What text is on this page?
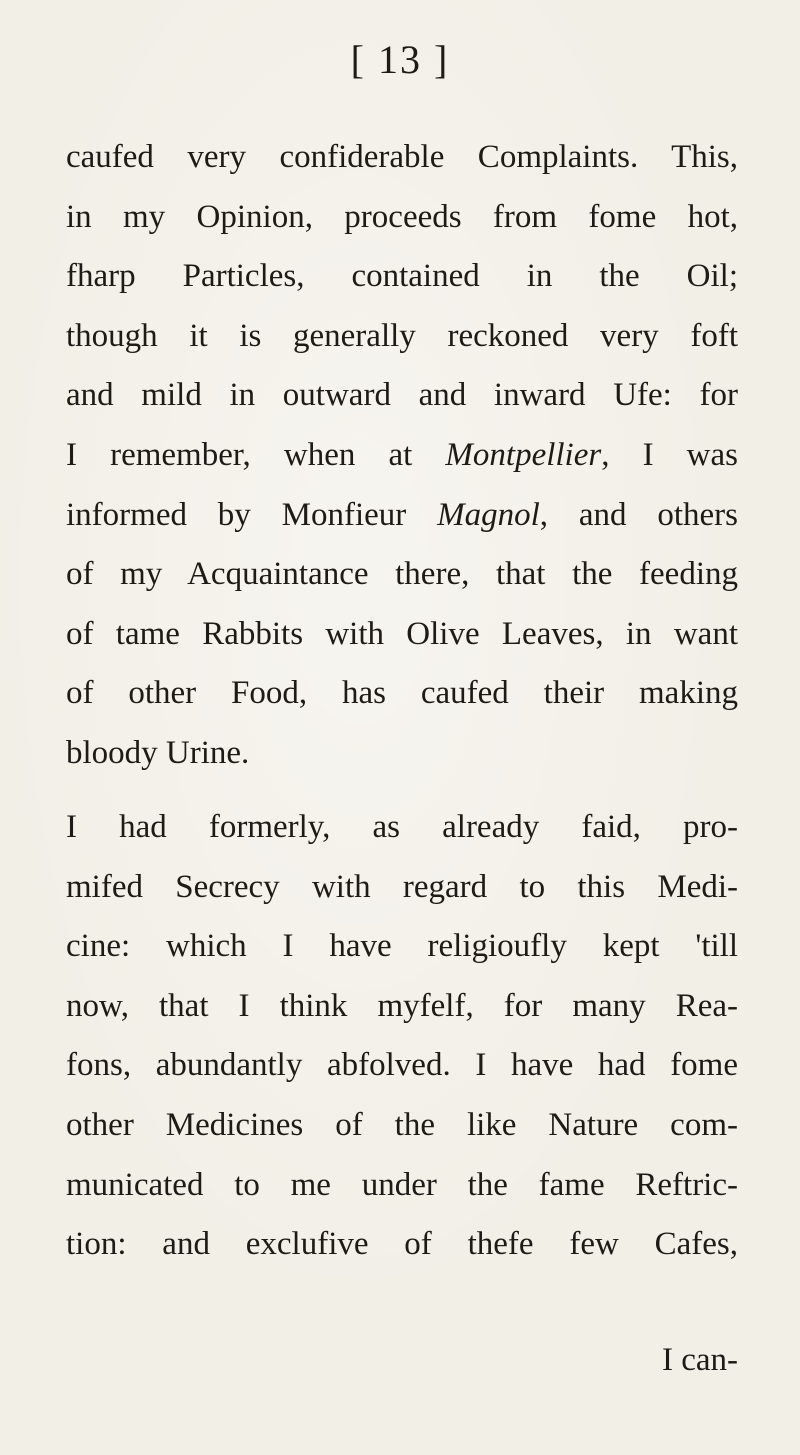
[ 13 ]
caufed very confiderable Complaints. This,
in my Opinion, proceeds from fome hot,
fharp Particles, contained in the Oil;
though it is generally reckoned very foft
and mild in outward and inward Ufe: for
I remember, when at Montpellier, I was
informed by Monfieur Magnol, and others
of my Acquaintance there, that the feeding
of tame Rabbits with Olive Leaves, in want
of other Food, has caufed their making
bloody Urine.
I had formerly, as already faid, pro-
mifed Secrecy with regard to this Medi-
cine: which I have religioufly kept 'till
now, that I think myfelf, for many Rea-
fons, abundantly abfolved. I have had fome
other Medicines of the like Nature com-
municated to me under the fame Reftric-
tion: and exclufive of thefe few Cafes,
I can-
